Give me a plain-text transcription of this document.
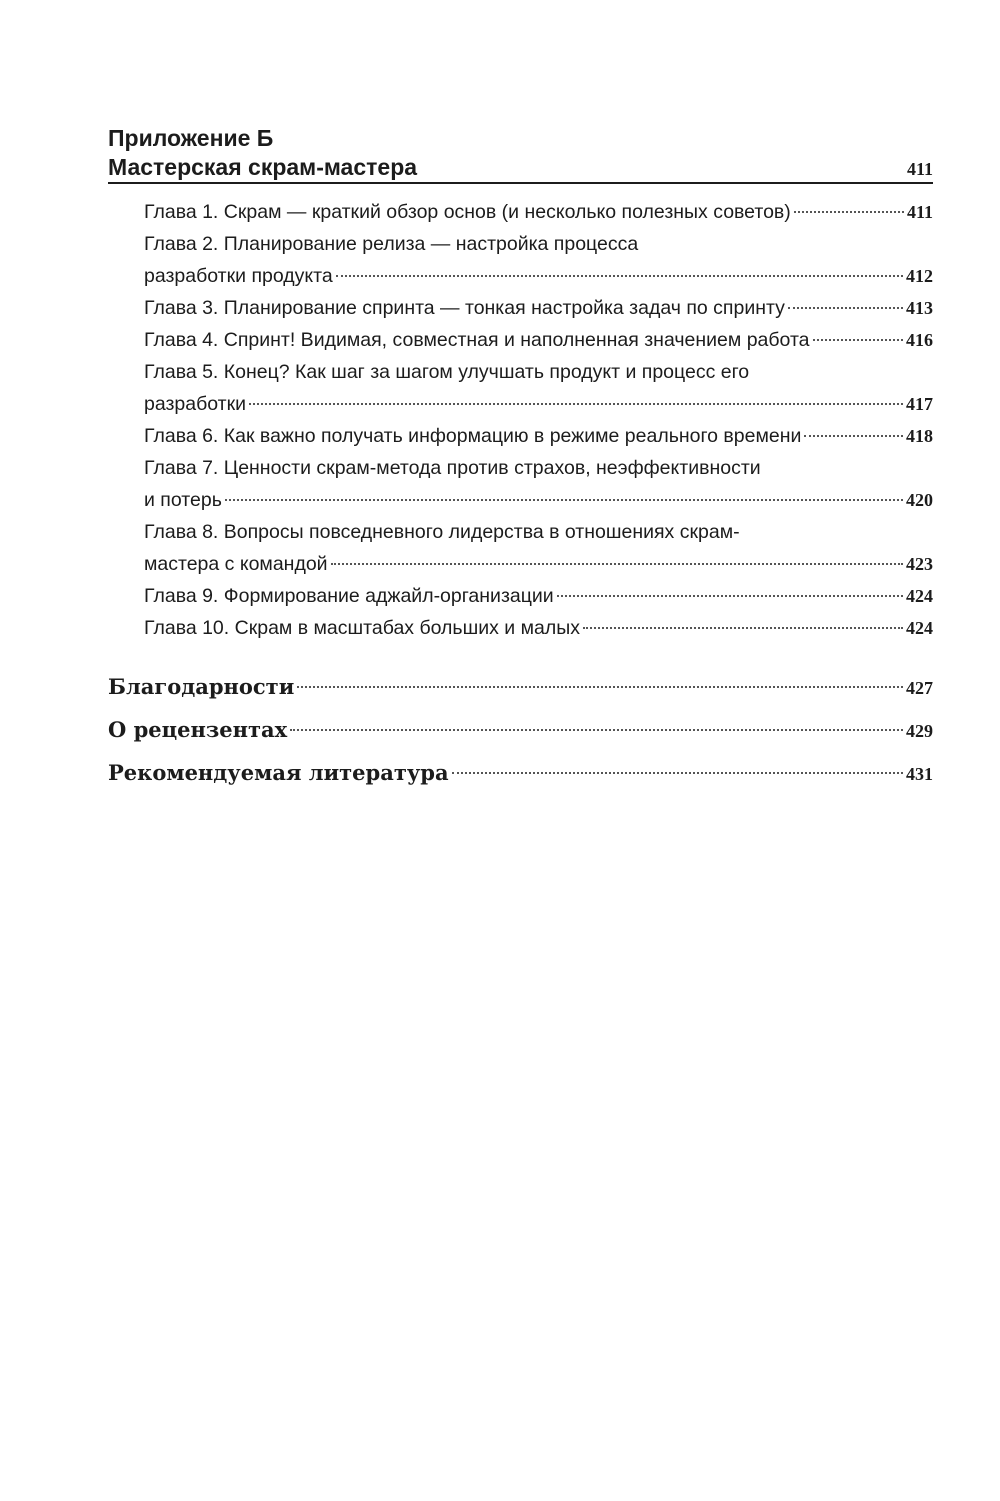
Приложение Б
Мастерская скрам-мастера	411
Глава 1. Скрам — краткий обзор основ (и несколько полезных советов)	411
Глава 2. Планирование релиза — настройка процесса
разработки продукта	412
Глава 3. Планирование спринта — тонкая настройка задач по спринту	413
Глава 4. Спринт! Видимая, совместная и наполненная значением работа	416
Глава 5. Конец? Как шаг за шагом улучшать продукт и процесс его
разработки	417
Глава 6. Как важно получать информацию в режиме реального времени	418
Глава 7. Ценности скрам-метода против страхов, неэффективности
и потерь	420
Глава 8. Вопросы повседневного лидерства в отношениях скрам-
мастера с командой	423
Глава 9. Формирование аджайл-организации	424
Глава 10. Скрам в масштабах больших и малых	424
Благодарности	427
О рецензентах	429
Рекомендуемая литература	431
